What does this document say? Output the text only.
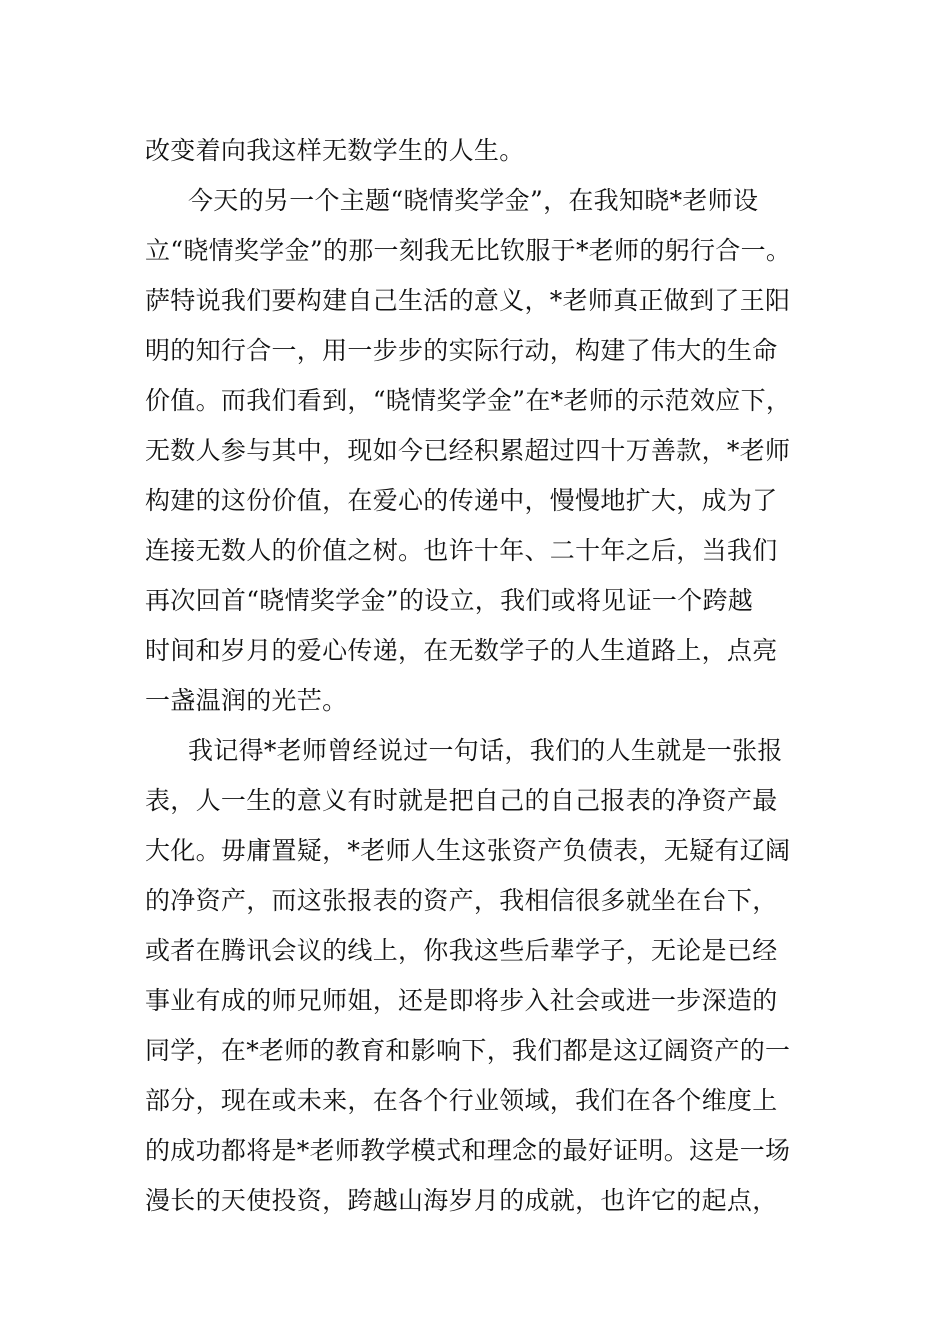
改变着向我这样无数学生的人生。
今天的另一个主题“晓情奖学金”，在我知晓*老师设
立“晓情奖学金”的那一刻我无比钦服于*老师的躬行合一。
萨特说我们要构建自己生活的意义，*老师真正做到了王阳
明的知行合一，用一步步的实际行动，构建了伟大的生命
价值。而我们看到，“晓情奖学金”在*老师的示范效应下，
无数人参与其中，现如今已经积累超过四十万善款，*老师
构建的这份价值，在爱心的传递中，慢慢地扩大，成为了
连接无数人的价值之树。也许十年、二十年之后，当我们
再次回首“晓情奖学金”的设立，我们或将见证一个跨越
时间和岁月的爱心传递，在无数学子的人生道路上，点亮
一盏温润的光芒。
我记得*老师曾经说过一句话，我们的人生就是一张报
表，人一生的意义有时就是把自己的自己报表的净资产最
大化。毋庸置疑，*老师人生这张资产负债表，无疑有辽阔
的净资产，而这张报表的资产，我相信很多就坐在台下，
或者在腾讯会议的线上，你我这些后辈学子，无论是已经
事业有成的师兄师姐，还是即将步入社会或进一步深造的
同学，在*老师的教育和影响下，我们都是这辽阔资产的一
部分，现在或未来，在各个行业领域，我们在各个维度上
的成功都将是*老师教学模式和理念的最好证明。这是一场
漫长的天使投资，跨越山海岁月的成就，也许它的起点，
